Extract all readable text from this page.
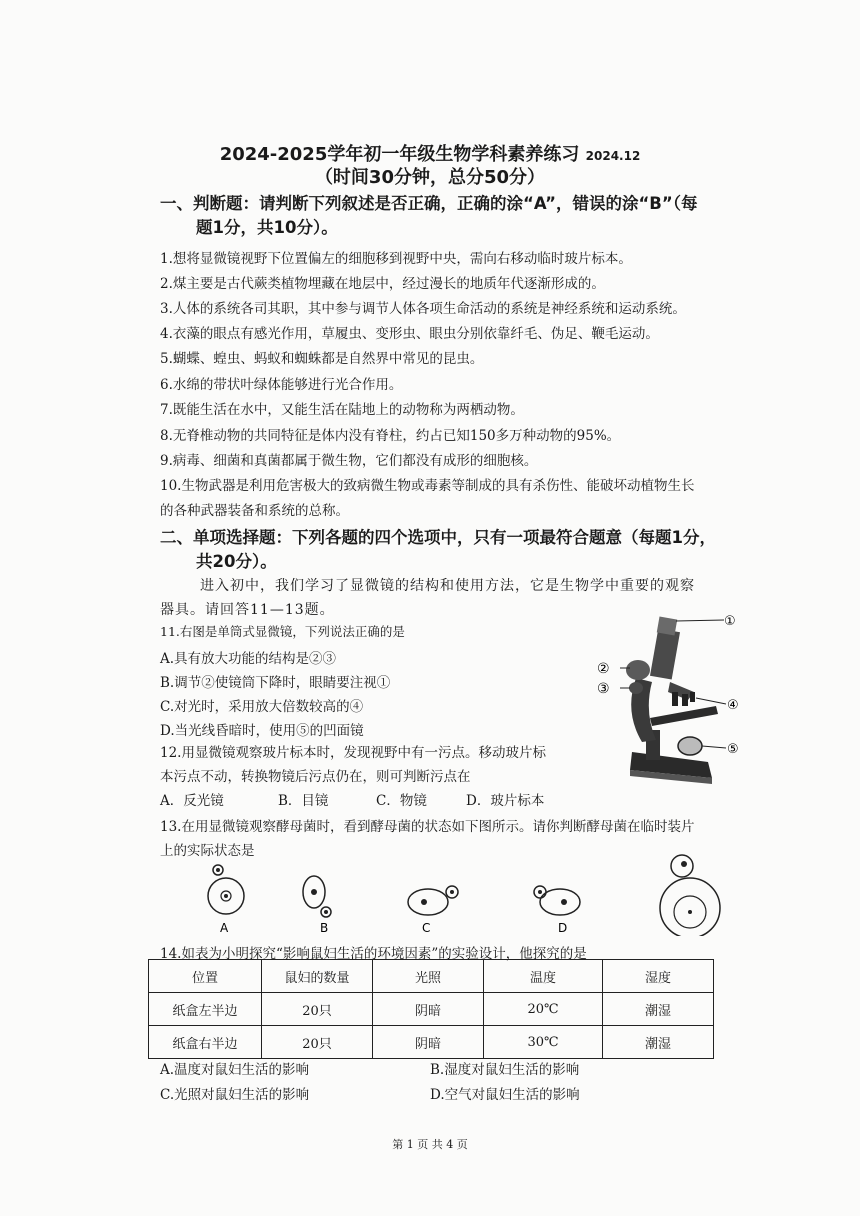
2024-2025学年初一年级生物学科素养练习 2024.12
（时间30分钟，总分50分）
一、判断题：请判断下列叙述是否正确，正确的涂“A”，错误的涂“B”（每
题1分，共10分）。
1.想将显微镜视野下位置偏左的细胞移到视野中央，需向右移动临时玻片标本。
2.煤主要是古代蕨类植物埋藏在地层中，经过漫长的地质年代逐渐形成的。
3.人体的系统各司其职，其中参与调节人体各项生命活动的系统是神经系统和运动系统。
4.衣藻的眼点有感光作用，草履虫、变形虫、眼虫分别依靠纤毛、伪足、鞭毛运动。
5.蝴蝶、蝗虫、蚂蚁和蜘蛛都是自然界中常见的昆虫。
6.水绵的带状叶绿体能够进行光合作用。
7.既能生活在水中，又能生活在陆地上的动物称为两栖动物。
8.无脊椎动物的共同特征是体内没有脊柱，约占已知150多万种动物的95%。
9.病毒、细菌和真菌都属于微生物，它们都没有成形的细胞核。
10.生物武器是利用危害极大的致病微生物或毒素等制成的具有杀伤性、能破坏动植物生长
的各种武器装备和系统的总称。
二、单项选择题：下列各题的四个选项中，只有一项最符合题意（每题1分，
共20分）。
进入初中，我们学习了显微镜的结构和使用方法，它是生物学中重要的观察
器具。请回答11—13题。
11.右图是单筒式显微镜，下列说法正确的是
A.具有放大功能的结构是②③
B.调节②使镜筒下降时，眼睛要注视①
C.对光时，采用放大倍数较高的④
D.当光线昏暗时，使用⑤的凹面镜
12.用显微镜观察玻片标本时，发现视野中有一污点。移动玻片标
本污点不动，转换物镜后污点仍在，则可判断污点在
A．反光镜	B．目镜	C．物镜	D．玻片标本
①
②
③
④
⑤
13.在用显微镜观察酵母菌时，看到酵母菌的状态如下图所示。请你判断酵母菌在临时装片
上的实际状态是
A	B	C	D
14.如表为小明探究“影响鼠妇生活的环境因素”的实验设计，他探究的是
位置	鼠妇的数量	光照	温度	湿度
纸盒左半边	20只	阴暗	20℃	潮湿
纸盒右半边	20只	阴暗	30℃	潮湿
A.温度对鼠妇生活的影响	B.湿度对鼠妇生活的影响
C.光照对鼠妇生活的影响	D.空气对鼠妇生活的影响
第 1 页 共 4 页
